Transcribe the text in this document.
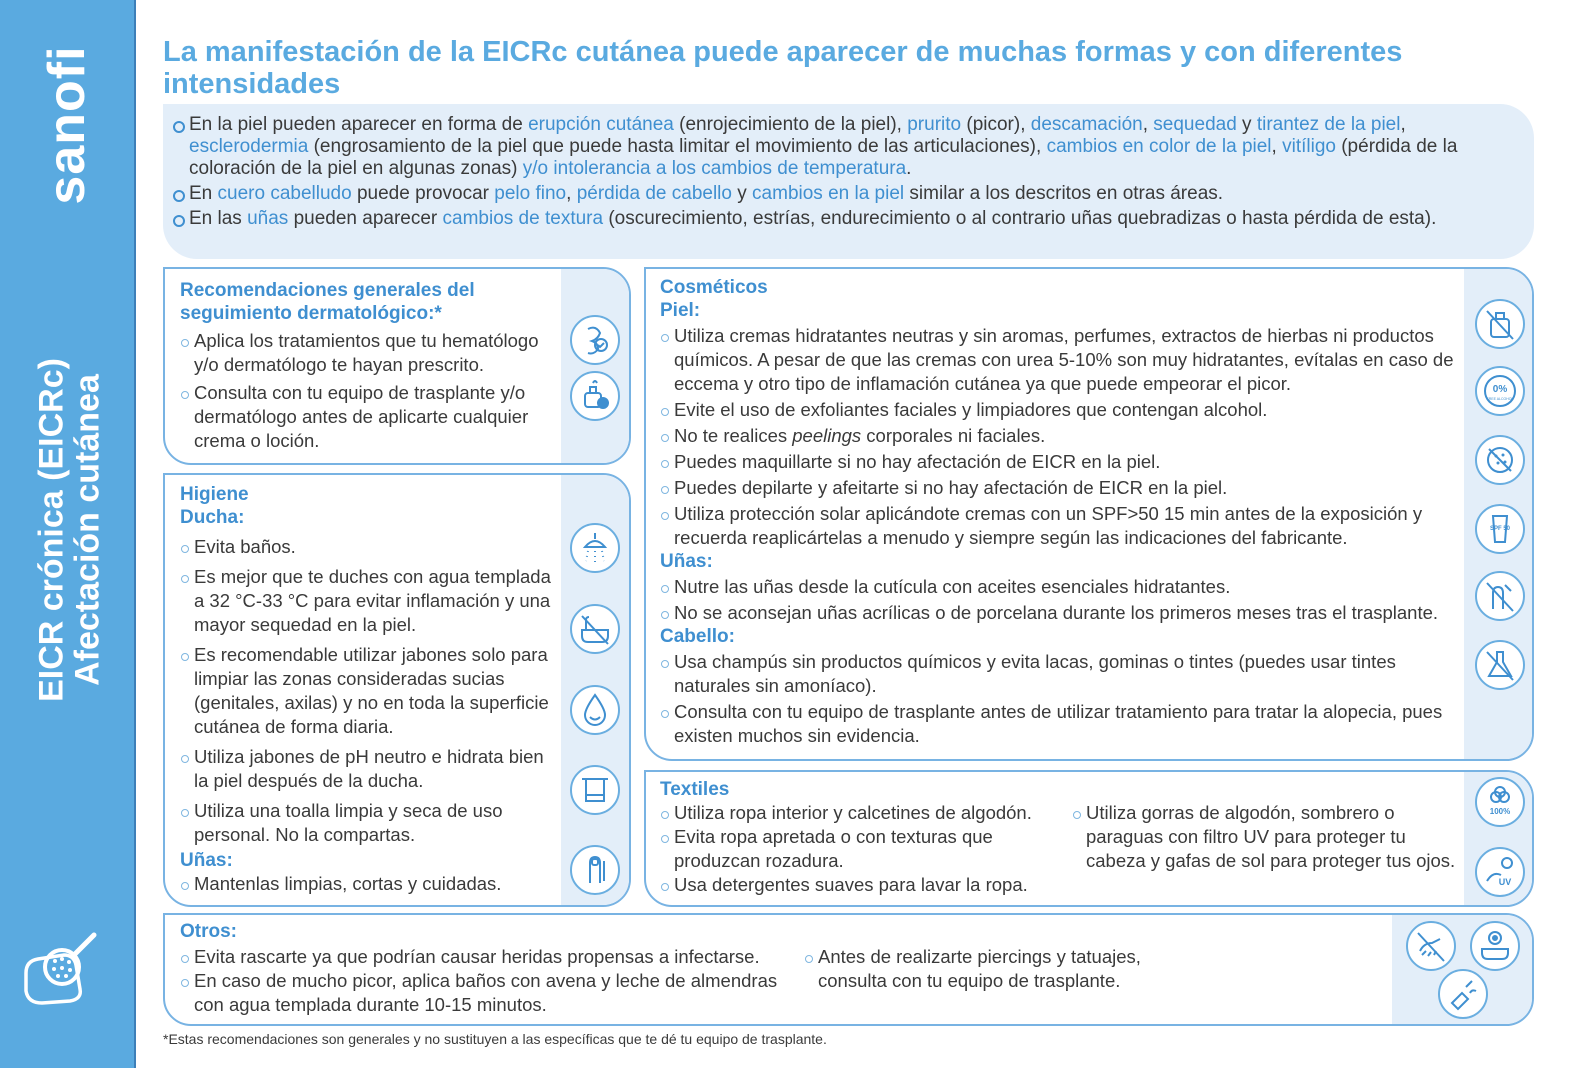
sanofi
EICR crónica (EICRc)
Afectación cutánea
La manifestación de la EICRc cutánea puede aparecer de muchas formas y con diferentes intensidades
En la piel pueden aparecer en forma de erupción cutánea (enrojecimiento de la piel), prurito (picor), descamación, sequedad y tirantez de la piel, esclerodermia (engrosamiento de la piel que puede hasta limitar el movimiento de las articulaciones), cambios en color de la piel, vitíligo (pérdida de la coloración de la piel en algunas zonas) y/o intolerancia a los cambios de temperatura.
En cuero cabelludo puede provocar pelo fino, pérdida de cabello y cambios en la piel similar a los descritos en otras áreas.
En las uñas pueden aparecer cambios de textura (oscurecimiento, estrías, endurecimiento o al contrario uñas quebradizas o hasta pérdida de esta).
Recomendaciones generales del seguimiento dermatológico:*
Aplica los tratamientos que tu hematólogo y/o dermatólogo te hayan prescrito.
Consulta con tu equipo de trasplante y/o dermatólogo antes de aplicarte cualquier crema o loción.
Higiene
Ducha:
Evita baños.
Es mejor que te duches con agua templada a 32 °C-33 °C para evitar inflamación y una mayor sequedad en la piel.
Es recomendable utilizar jabones solo para limpiar las zonas consideradas sucias (genitales, axilas) y no en toda la superficie cutánea de forma diaria.
Utiliza jabones de pH neutro e hidrata bien la piel después de la ducha.
Utiliza una toalla limpia y seca de uso personal. No la compartas.
Uñas:
Mantenlas limpias, cortas y cuidadas.
Cosméticos
Piel:
Utiliza cremas hidratantes neutras y sin aromas, perfumes, extractos de hierbas ni productos químicos. A pesar de que las cremas con urea 5-10% son muy hidratantes, evítalas en caso de eccema y otro tipo de inflamación cutánea ya que puede empeorar el picor.
Evite el uso de exfoliantes faciales y limpiadores que contengan alcohol.
No te realices peelings corporales ni faciales.
Puedes maquillarte si no hay afectación de EICR en la piel.
Puedes depilarte y afeitarte si no hay afectación de EICR en la piel.
Utiliza protección solar aplicándote cremas con un SPF>50 15 min antes de la exposición y recuerda reaplicártelas a menudo y siempre según las indicaciones del fabricante.
Uñas:
Nutre las uñas desde la cutícula con aceites esenciales hidratantes.
No se aconsejan uñas acrílicas o de porcelana durante los primeros meses tras el trasplante.
Cabello:
Usa champús sin productos químicos y evita lacas, gominas o tintes (puedes usar tintes naturales sin amoníaco).
Consulta con tu equipo de trasplante antes de utilizar tratamiento para tratar la alopecia, pues existen muchos sin evidencia.
0%
FREE ALCOHOL
SPF 50
Textiles
Utiliza ropa interior y calcetines de algodón.
Evita ropa apretada o con texturas que produzcan rozadura.
Usa detergentes suaves para lavar la ropa.
Utiliza gorras de algodón, sombrero o paraguas con filtro UV para proteger tu cabeza y gafas de sol para proteger tus ojos.
100%
UV
Otros:
Evita rascarte ya que podrían causar heridas propensas a infectarse.
En caso de mucho picor, aplica baños con avena y leche de almendras con agua templada durante 10-15 minutos.
Antes de realizarte piercings y tatuajes, consulta con tu equipo de trasplante.
*Estas recomendaciones son generales y no sustituyen a las específicas que te dé tu equipo de trasplante.
